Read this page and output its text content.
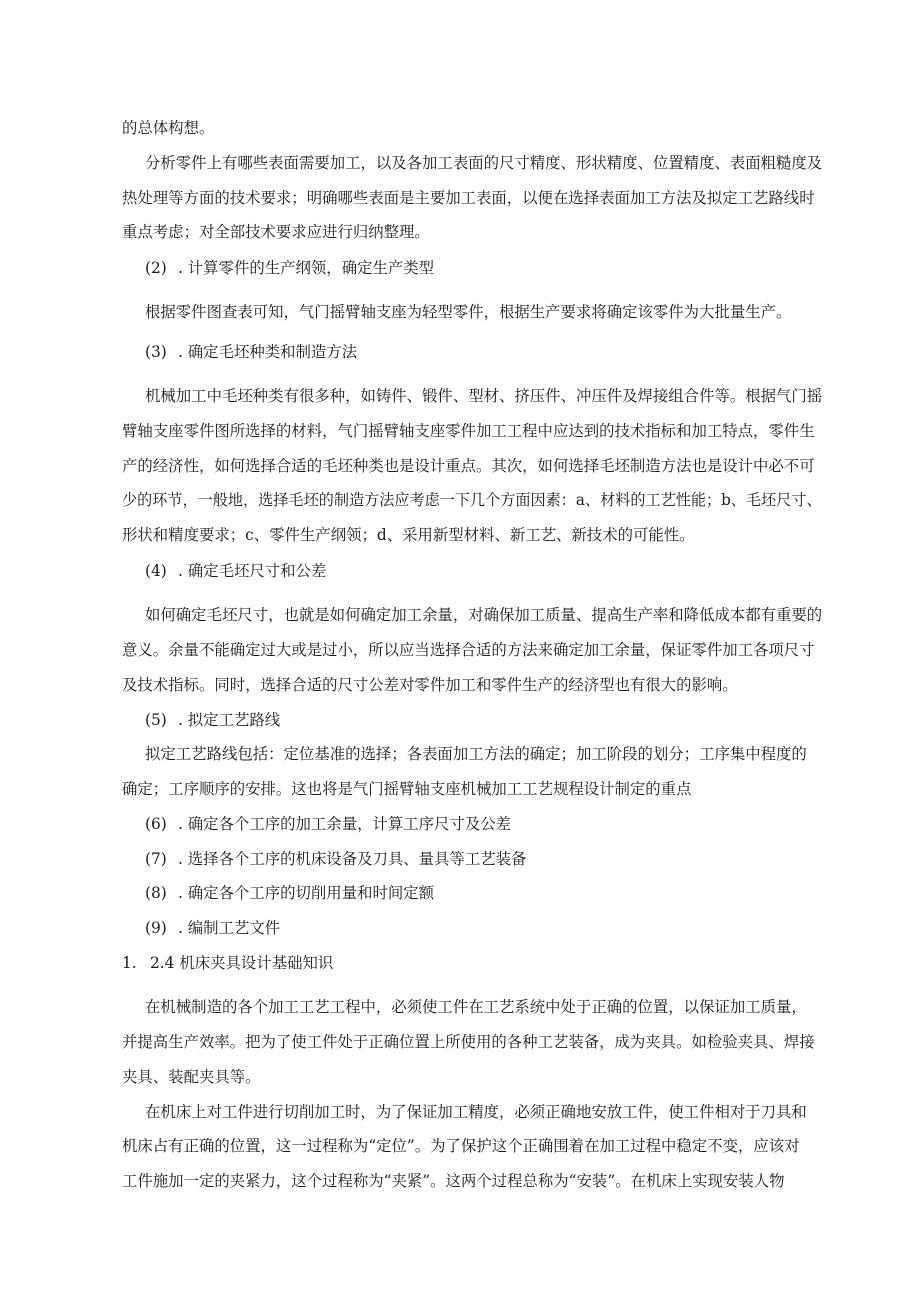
的总体构想。
分析零件上有哪些表面需要加工，以及各加工表面的尺寸精度、形状精度、位置精度、表面粗糙度及
热处理等方面的技术要求；明确哪些表面是主要加工表面，以便在选择表面加工方法及拟定工艺路线时
重点考虑；对全部技术要求应进行归纳整理。
(2) . 计算零件的生产纲领，确定生产类型
根据零件图查表可知，气门摇臂轴支座为轻型零件，根据生产要求将确定该零件为大批量生产。
(3) . 确定毛坯种类和制造方法
机械加工中毛坯种类有很多种，如铸件、锻件、型材、挤压件、冲压件及焊接组合件等。根据气门摇
臂轴支座零件图所选择的材料，气门摇臂轴支座零件加工工程中应达到的技术指标和加工特点，零件生
产的经济性，如何选择合适的毛坯种类也是设计重点。其次，如何选择毛坯制造方法也是设计中必不可
少的环节，一般地，选择毛坯的制造方法应考虑一下几个方面因素：a、材料的工艺性能；b、毛坯尺寸、
形状和精度要求；c、零件生产纲领；d、采用新型材料、新工艺、新技术的可能性。
(4) . 确定毛坯尺寸和公差
如何确定毛坯尺寸，也就是如何确定加工余量，对确保加工质量、提高生产率和降低成本都有重要的
意义。余量不能确定过大或是过小，所以应当选择合适的方法来确定加工余量，保证零件加工各项尺寸
及技术指标。同时，选择合适的尺寸公差对零件加工和零件生产的经济型也有很大的影响。
(5) . 拟定工艺路线
拟定工艺路线包括：定位基准的选择；各表面加工方法的确定；加工阶段的划分；工序集中程度的
确定；工序顺序的安排。这也将是气门摇臂轴支座机械加工工艺规程设计制定的重点
(6) . 确定各个工序的加工余量，计算工序尺寸及公差
(7) . 选择各个工序的机床设备及刀具、量具等工艺装备
(8) . 确定各个工序的切削用量和时间定额
(9) . 编制工艺文件
1. 2.4 机床夹具设计基础知识
在机械制造的各个加工工艺工程中，必须使工件在工艺系统中处于正确的位置，以保证加工质量，
并提高生产效率。把为了使工件处于正确位置上所使用的各种工艺装备，成为夹具。如检验夹具、焊接
夹具、装配夹具等。
在机床上对工件进行切削加工时，为了保证加工精度，必须正确地安放工件，使工件相对于刀具和
机床占有正确的位置，这一过程称为“定位”。为了保护这个正确围着在加工过程中稳定不变，应该对
工件施加一定的夹紧力，这个过程称为“夹紧”。这两个过程总称为“安装”。在机床上实现安装人物
